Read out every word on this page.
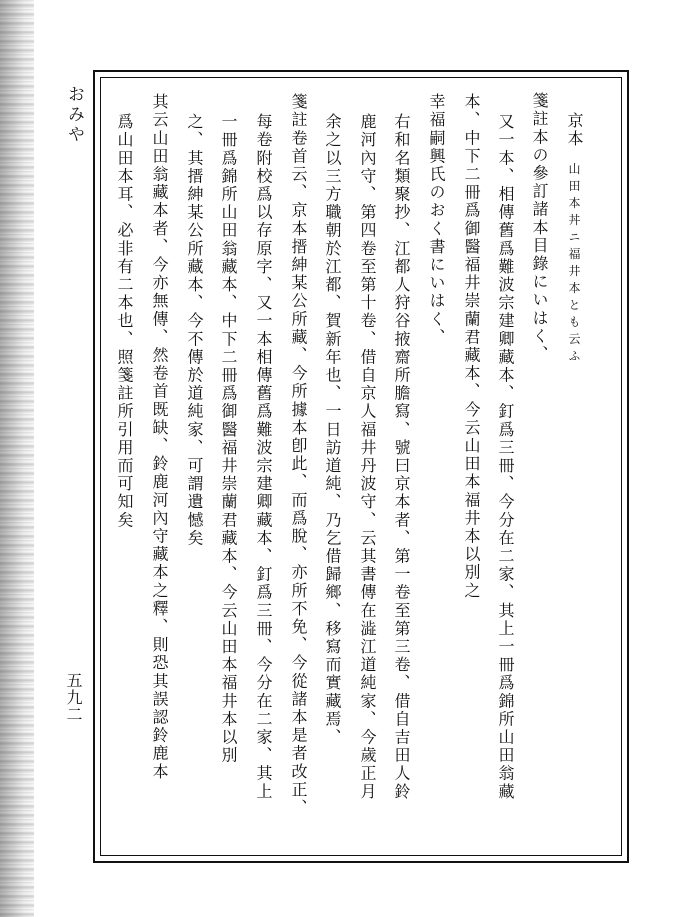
おみや
五九二
京本山田本丼ニ福井本とも云ふ
箋註本の參訂諸本目錄にいはく、
又一本、相傳舊爲難波宗建卿藏本、釘爲三冊、今分在二家、其上一冊爲錦所山田翁藏
本、中下二冊爲御醫福井崇蘭君藏本、今云山田本福井本以別之
幸福嗣興氏のおく書にいはく、
右和名類聚抄、江都人狩谷掖齋所膽寫、號曰京本者、第一卷至第三卷、借自吉田人鈴
鹿河內守、第四卷至第十卷、借自京人福井丹波守、云其書傳在澁江道純家、今歲正月
余之以三方職朝於江都、賀新年也、一日訪道純、乃乞借歸鄉、移寫而實藏焉、
箋註卷首云、京本搢紳某公所藏、今所據本卽此、而爲脫、亦所不免、今從諸本是者改正、
每卷附校爲以存原字、又一本相傳舊爲難波宗建卿藏本、釘爲三冊、今分在二家、其上
一冊爲錦所山田翁藏本、中下二冊爲御醫福井崇蘭君藏本、今云山田本福井本以別
之、其搢紳某公所藏本、今不傳於道純家、可謂遺憾矣
其云山田翁藏本者、今亦無傳、然卷首既缺、鈴鹿河內守藏本之釋、則恐其誤認鈴鹿本
爲山田本耳、必非有二本也、照箋註所引用而可知矣
